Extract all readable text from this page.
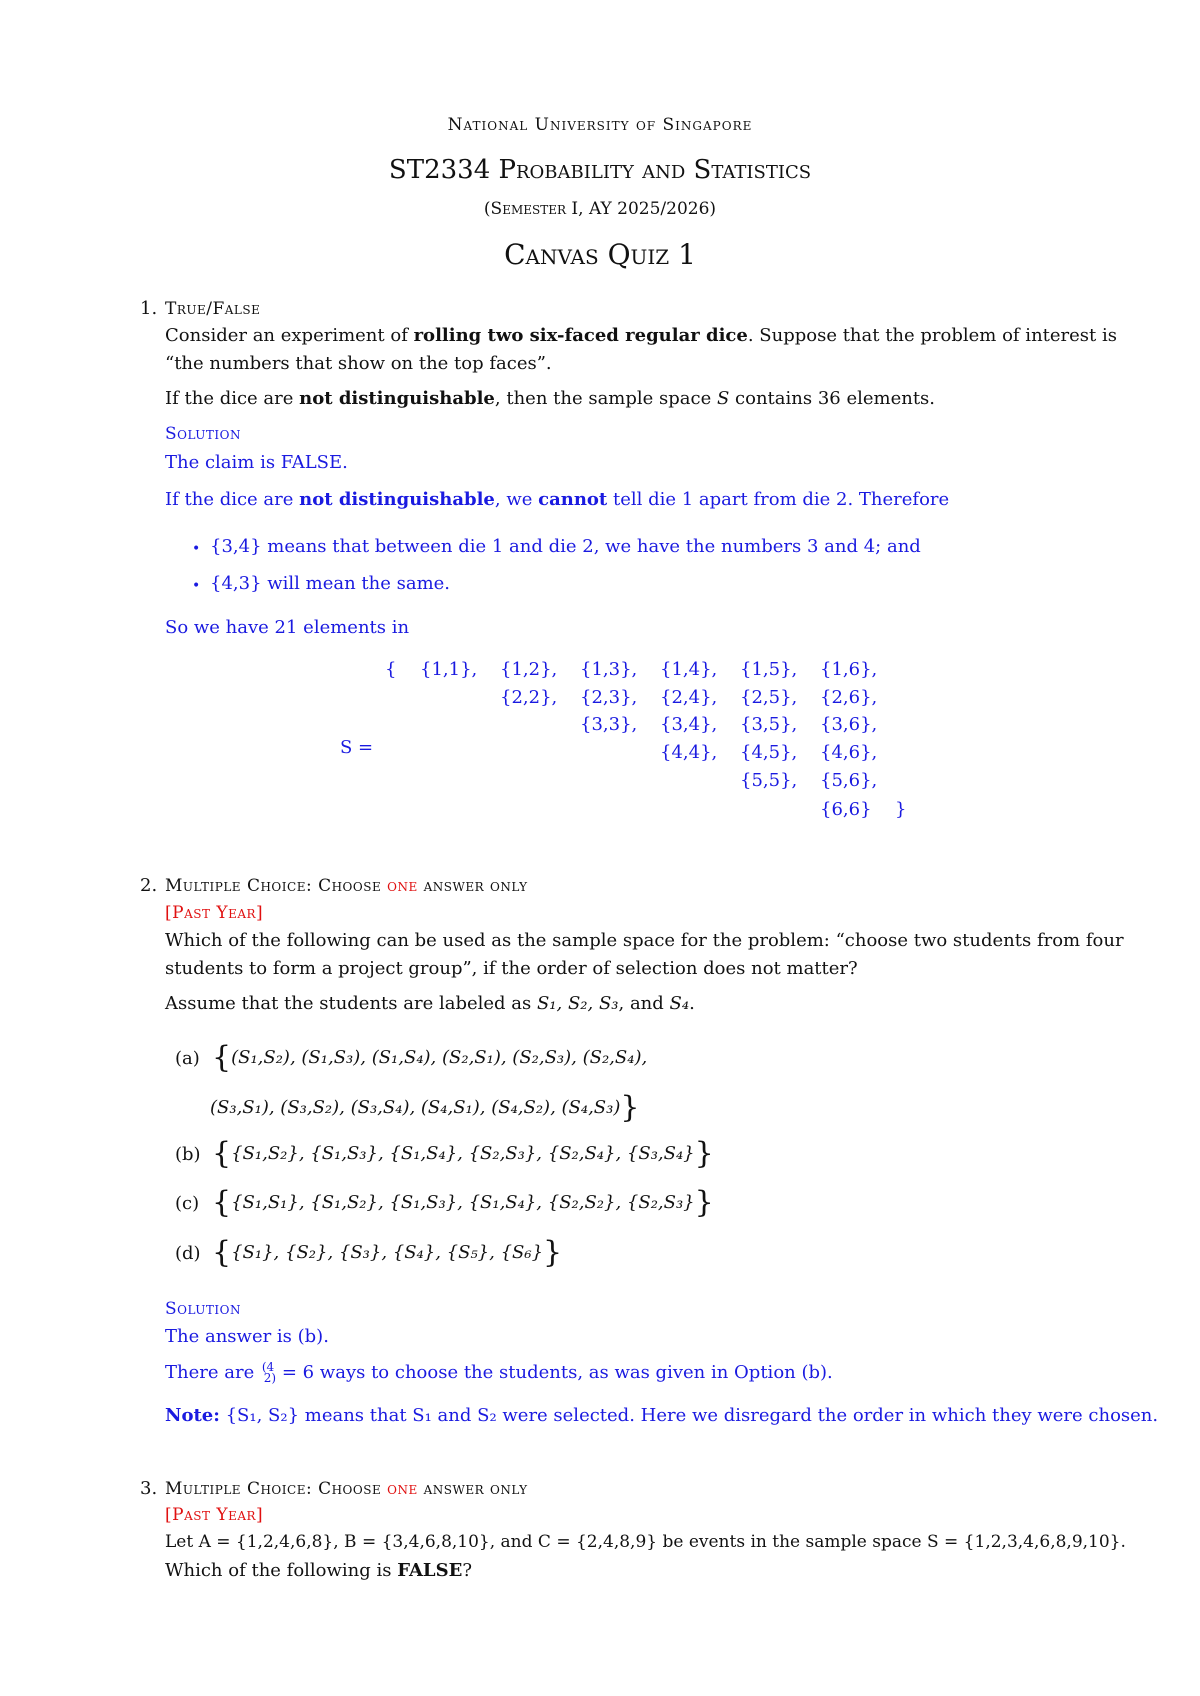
National University of Singapore
ST2334 Probability and Statistics
(Semester I, AY 2025/2026)
Canvas Quiz 1
1. True/False
Consider an experiment of rolling two six-faced regular dice. Suppose that the problem of interest is
“the numbers that show on the top faces”.
If the dice are not distinguishable, then the sample space S contains 36 elements.
Solution
The claim is FALSE.
If the dice are not distinguishable, we cannot tell die 1 apart from die 2. Therefore
• {3,4} means that between die 1 and die 2, we have the numbers 3 and 4; and
• {4,3} will mean the same.
So we have 21 elements in
S =
{
}
{1,1}, {1,2}, {1,3}, {1,4}, {1,5}, {1,6},
{2,2}, {2,3}, {2,4}, {2,5}, {2,6},
{3,3}, {3,4}, {3,5}, {3,6},
{4,4}, {4,5}, {4,6},
{5,5}, {5,6},
{6,6}
2. Multiple Choice: Choose one answer only
[Past Year]
Which of the following can be used as the sample space for the problem: “choose two students from four
students to form a project group”, if the order of selection does not matter?
Assume that the students are labeled as S₁, S₂, S₃, and S₄.
(a) {(S₁,S₂), (S₁,S₃), (S₁,S₄), (S₂,S₁), (S₂,S₃), (S₂,S₄),
(S₃,S₁), (S₃,S₂), (S₃,S₄), (S₄,S₁), (S₄,S₂), (S₄,S₃)}
(b) {{S₁,S₂}, {S₁,S₃}, {S₁,S₄}, {S₂,S₃}, {S₂,S₄}, {S₃,S₄}}
(c) {{S₁,S₁}, {S₁,S₂}, {S₁,S₃}, {S₁,S₄}, {S₂,S₂}, {S₂,S₃}}
(d) {{S₁}, {S₂}, {S₃}, {S₄}, {S₅}, {S₆}}
Solution
The answer is (b).
There are (4
2) = 6 ways to choose the students, as was given in Option (b).
Note: {S₁, S₂} means that S₁ and S₂ were selected. Here we disregard the order in which they were chosen.
3. Multiple Choice: Choose one answer only
[Past Year]
Let A = {1,2,4,6,8}, B = {3,4,6,8,10}, and C = {2,4,8,9} be events in the sample space S = {1,2,3,4,6,8,9,10}.
Which of the following is FALSE?
